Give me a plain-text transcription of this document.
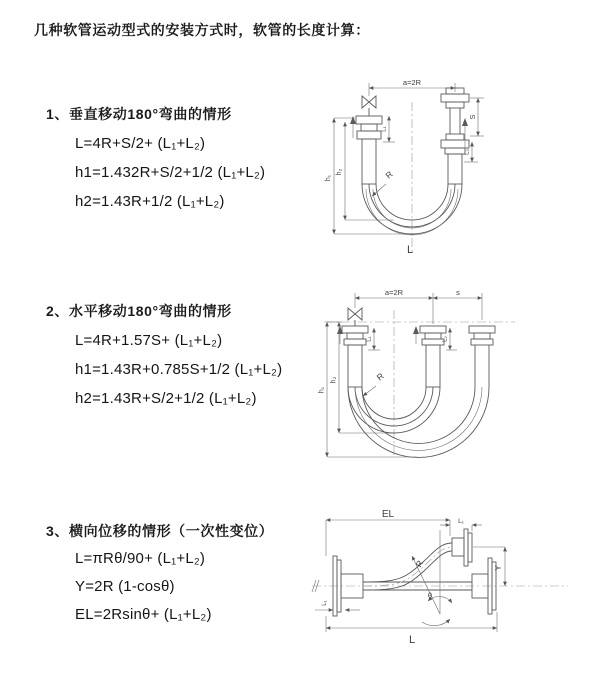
几种软管运动型式的安装方式时，软管的长度计算：
1、垂直移动180°弯曲的情形
L=4R+S/2+ (L₁+L₂)
h1=1.432R+S/2+1/2 (L₁+L₂)
h2=1.43R+1/2 (L₁+L₂)
2、水平移动180°弯曲的情形
L=4R+1.57S+ (L₁+L₂)
h1=1.43R+0.785S+1/2 (L₁+L₂)
h2=1.43R+S/2+1/2 (L₁+L₂)
3、横向位移的情形（一次性变位）
L=πRθ/90+ (L₁+L₂)
Y=2R (1-cosθ)
EL=2Rsinθ+ (L₁+L₂)
a=2R
h₁
h₂
S
L₂
L₁
R
L
a=2R	s
h₁
h₂
L₁	L₂
R
R
θ
EL
L₁
Y
L
L₁
